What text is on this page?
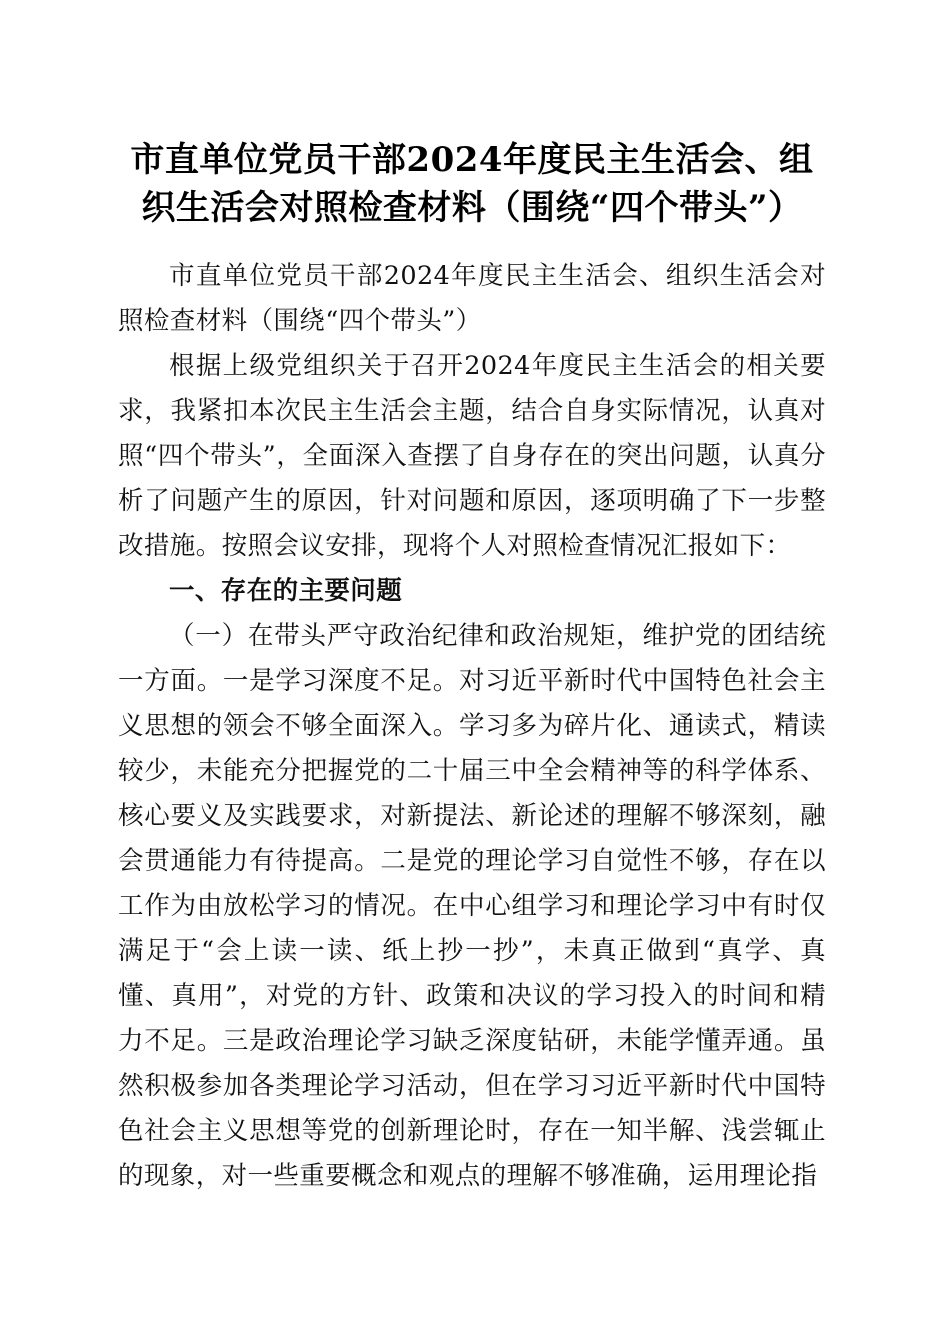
市直单位党员干部2024年度民主生活会、组织生活会对照检查材料（围绕“四个带头”）

市直单位党员干部2024年度民主生活会、组织生活会对照检查材料（围绕“四个带头”）

根据上级党组织关于召开2024年度民主生活会的相关要求，我紧扣本次民主生活会主题，结合自身实际情况，认真对照“四个带头”，全面深入查摆了自身存在的突出问题，认真分析了问题产生的原因，针对问题和原因，逐项明确了下一步整改措施。按照会议安排，现将个人对照检查情况汇报如下：

一、存在的主要问题

（一）在带头严守政治纪律和政治规矩，维护党的团结统一方面。一是学习深度不足。对习近平新时代中国特色社会主义思想的领会不够全面深入。学习多为碎片化、通读式，精读较少，未能充分把握党的二十届三中全会精神等的科学体系、核心要义及实践要求，对新提法、新论述的理解不够深刻，融会贯通能力有待提高。二是党的理论学习自觉性不够，存在以工作为由放松学习的情况。在中心组学习和理论学习中有时仅满足于“会上读一读、纸上抄一抄”，未真正做到“真学、真懂、真用”，对党的方针、政策和决议的学习投入的时间和精力不足。三是政治理论学习缺乏深度钻研，未能学懂弄通。虽然积极参加各类理论学习活动，但在学习习近平新时代中国特色社会主义思想等党的创新理论时，存在一知半解、浅尝辄止的现象，对一些重要概念和观点的理解不够准确，运用理论指
